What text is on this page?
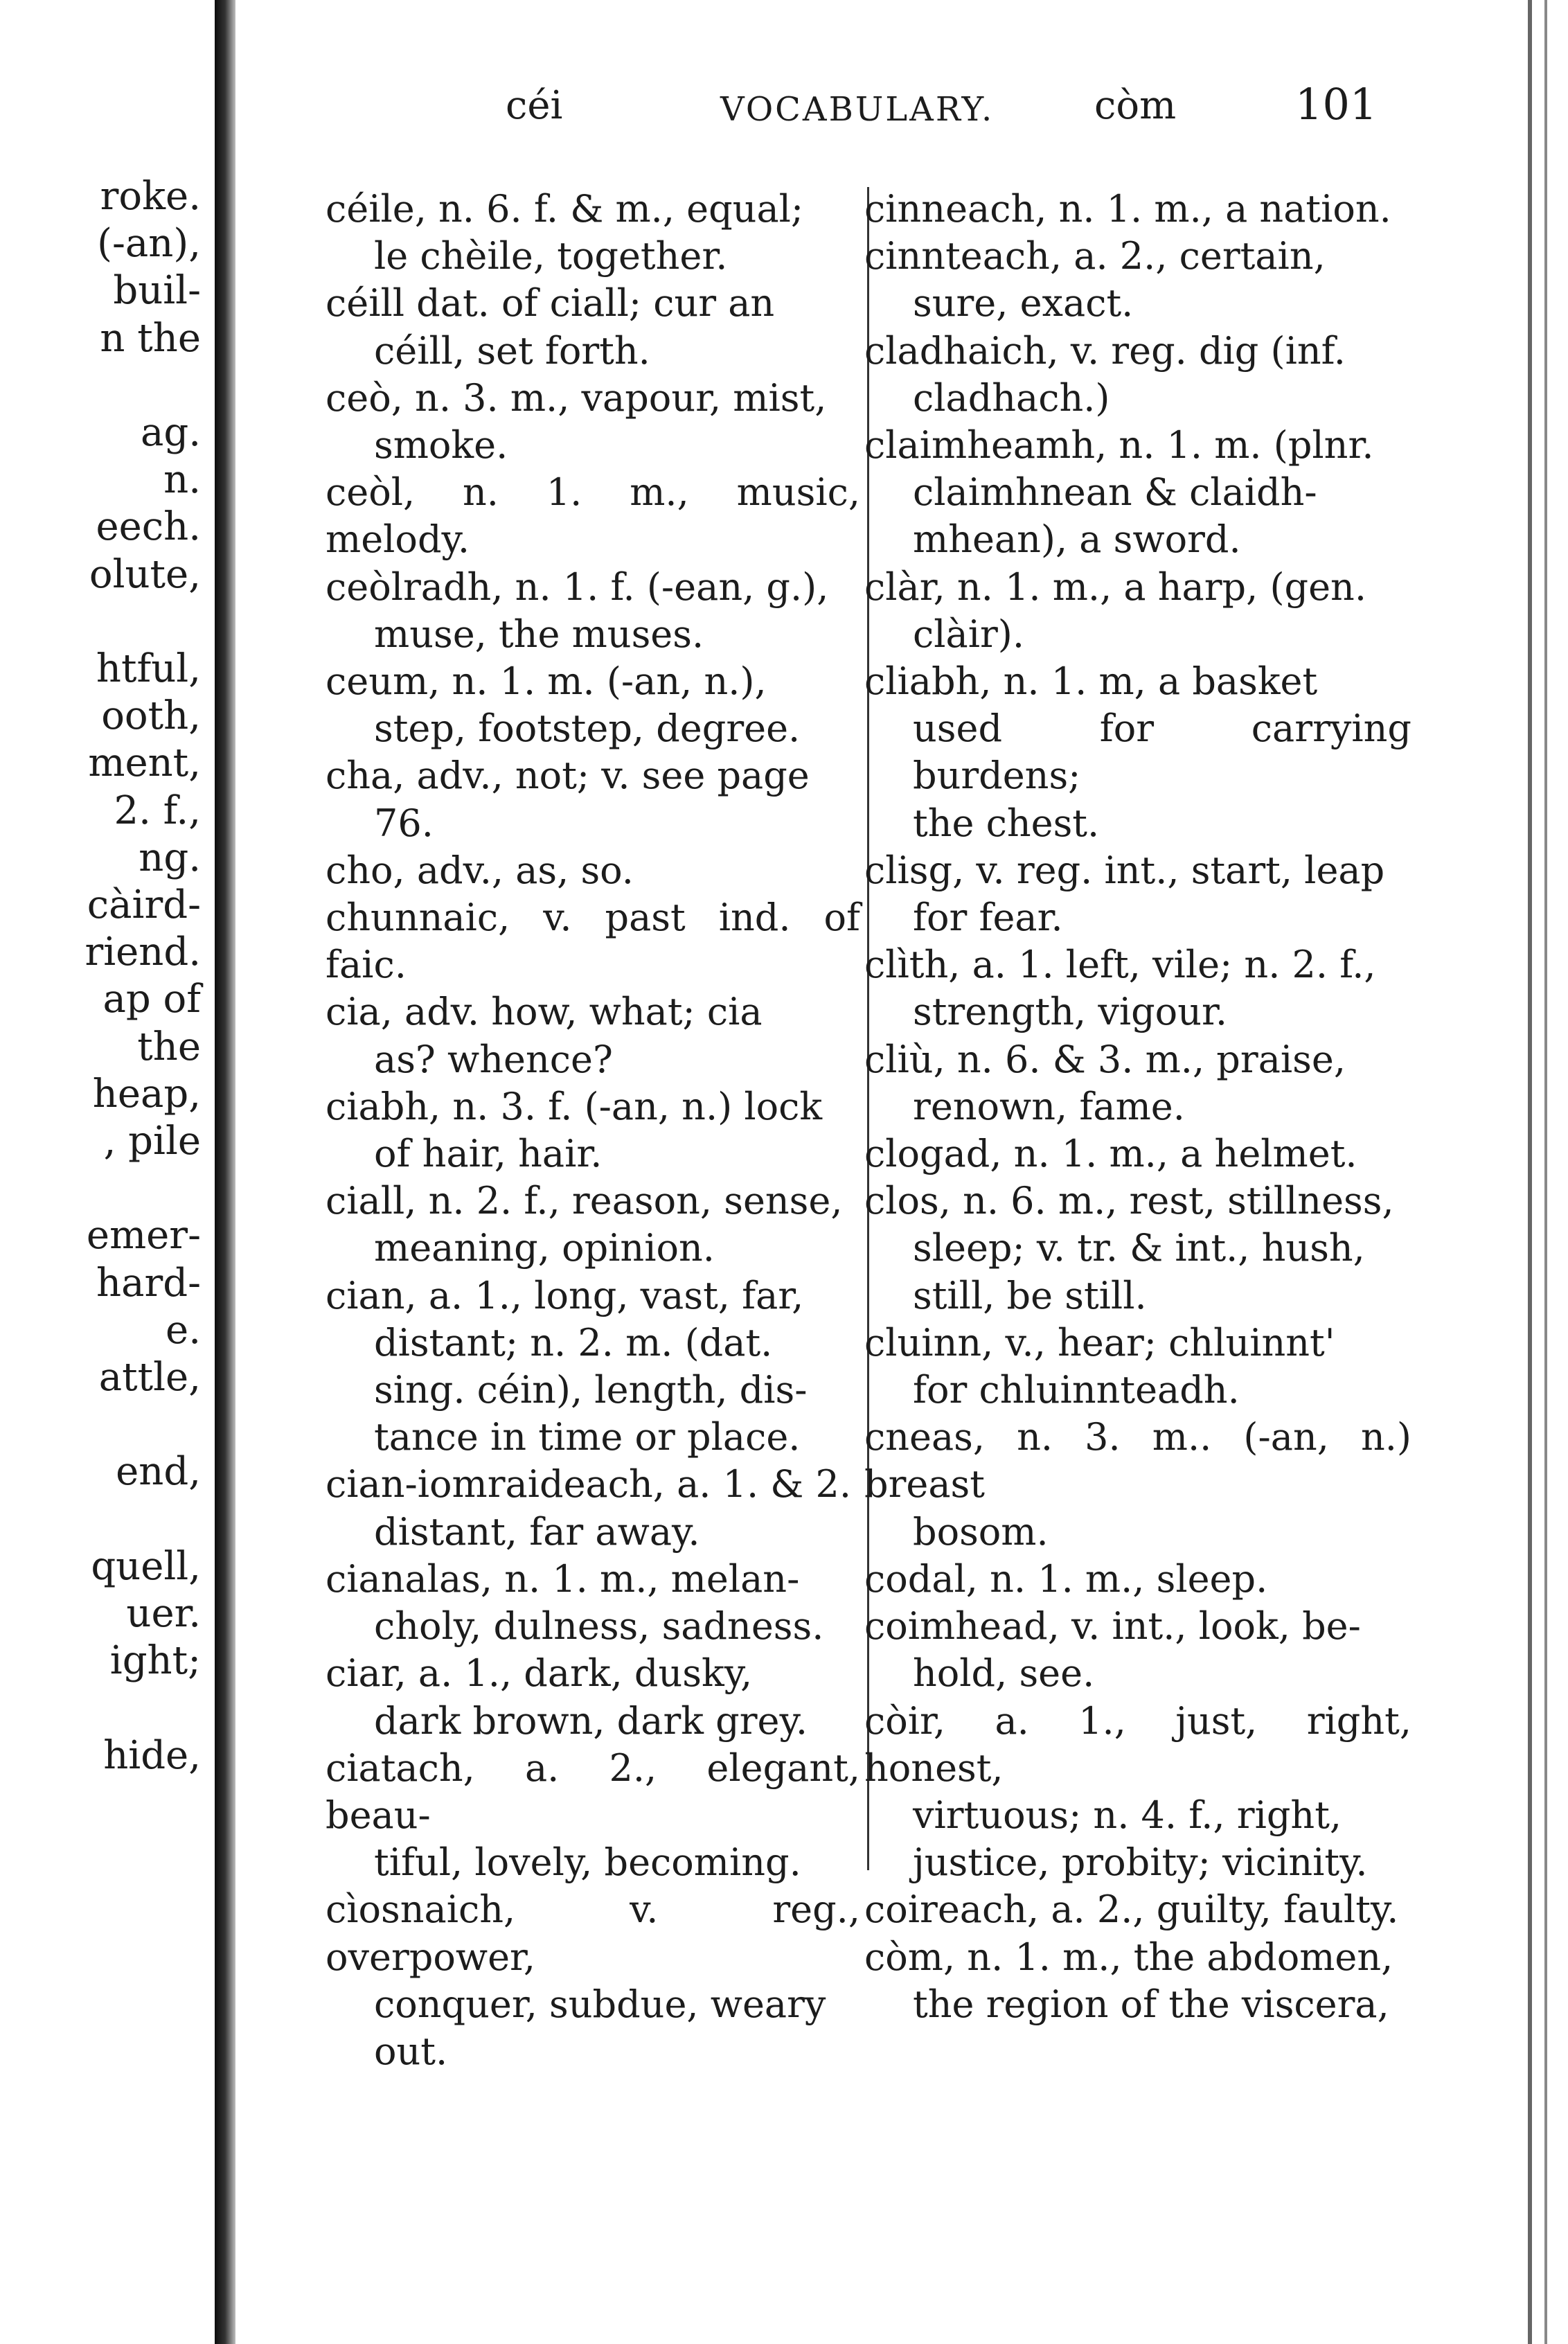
roke.
(-an),
buil-
n the
ag.
n.
eech.
olute,
htful,
ooth,
ment,
2. f.,
ng.
càird-
riend.
ap of
the
heap,
, pile
emer-
hard-
e.
attle,
end,
quell,
uer.
ight;
hide,
céi	VOCABULARY.	còm	101
céile, n. 6. f. & m., equal;
le chèile, together.
céill dat. of ciall; cur an
céill, set forth.
ceò, n. 3. m., vapour, mist,
smoke.
ceòl, n. 1. m., music, melody.
ceòlradh, n. 1. f. (-ean, g.),
muse, the muses.
ceum, n. 1. m. (-an, n.),
step, footstep, degree.
cha, adv., not; v. see page
76.
cho, adv., as, so.
chunnaic, v. past ind. of faic.
cia, adv. how, what; cia
as? whence?
ciabh, n. 3. f. (-an, n.) lock
of hair, hair.
ciall, n. 2. f., reason, sense,
meaning, opinion.
cian, a. 1., long, vast, far,
distant; n. 2. m. (dat.
sing. céin), length, dis-
tance in time or place.
cian-iomraideach, a. 1. & 2.
distant, far away.
cianalas, n. 1. m., melan-
choly, dulness, sadness.
ciar, a. 1., dark, dusky,
dark brown, dark grey.
ciatach, a. 2., elegant, beau-
tiful, lovely, becoming.
cìosnaich, v. reg., overpower,
conquer, subdue, weary
out.
cinneach, n. 1. m., a nation.
cinnteach, a. 2., certain,
sure, exact.
cladhaich, v. reg. dig (inf.
cladhach.)
claimheamh, n. 1. m. (plnr.
claimhnean & claidh-
mhean), a sword.
clàr, n. 1. m., a harp, (gen.
clàir).
cliabh, n. 1. m, a basket
used for carrying burdens;
the chest.
clisg, v. reg. int., start, leap
for fear.
clìth, a. 1. left, vile; n. 2. f.,
strength, vigour.
cliù, n. 6. & 3. m., praise,
renown, fame.
clogad, n. 1. m., a helmet.
clos, n. 6. m., rest, stillness,
sleep; v. tr. & int., hush,
still, be still.
cluinn, v., hear; chluinnt'
for chluinnteadh.
cneas, n. 3. m.. (-an, n.) breast
bosom.
codal, n. 1. m., sleep.
coimhead, v. int., look, be-
hold, see.
còir, a. 1., just, right, honest,
virtuous; n. 4. f., right,
justice, probity; vicinity.
coireach, a. 2., guilty, faulty.
còm, n. 1. m., the abdomen,
the region of the viscera,
